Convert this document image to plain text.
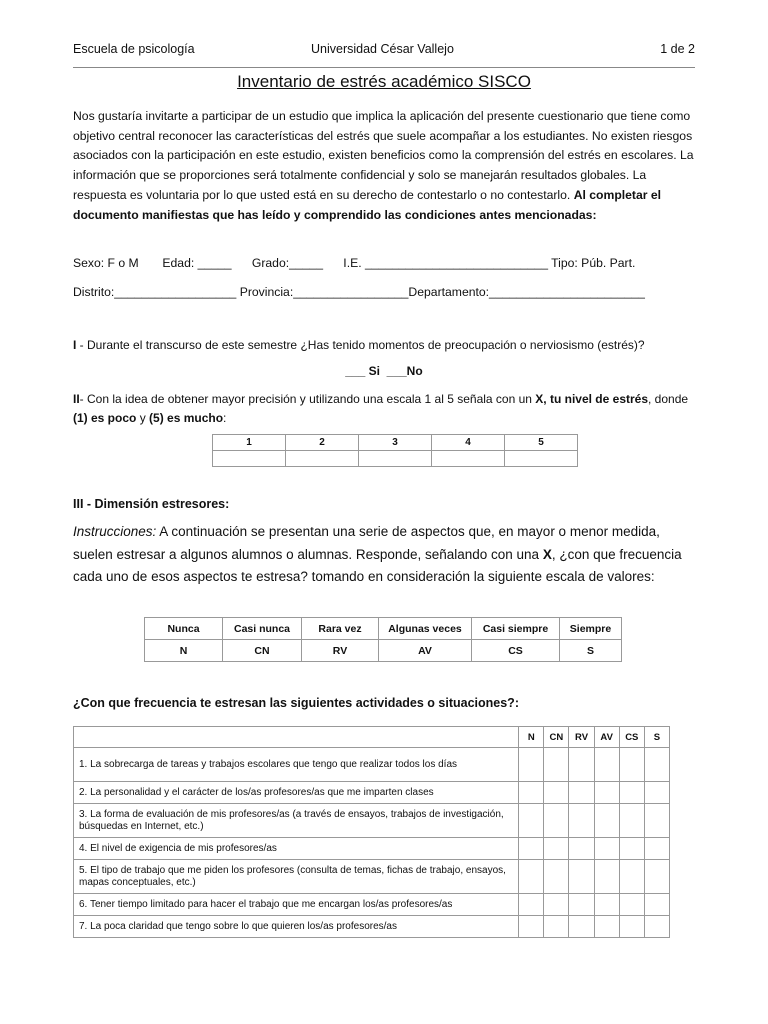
Escuela de psicología	Universidad César Vallejo	1 de 2
Inventario de estrés académico SISCO
Nos gustaría invitarte a participar de un estudio que implica la aplicación del presente cuestionario que tiene como objetivo central reconocer las características del estrés que suele acompañar a los estudiantes. No existen riesgos asociados con la participación en este estudio, existen beneficios como la comprensión del estrés en escolares. La información que se proporciones será totalmente confidencial y solo se manejarán resultados globales. La respuesta es voluntaria por lo que usted está en su derecho de contestarlo o no contestarlo. Al completar el documento manifiestas que has leído y comprendido las condiciones antes mencionadas:
Sexo: F o M       Edad: _____      Grado:_____      I.E. ___________________________ Tipo: Púb. Part.
Distrito:__________________ Provincia:_________________Departamento:_______________________
I - Durante el transcurso de este semestre ¿Has tenido momentos de preocupación o nerviosismo (estrés)?
___ Si  ___No
II- Con la idea de obtener mayor precisión y utilizando una escala 1 al 5 señala con un X, tu nivel de estrés, donde (1) es poco y (5) es mucho:
1	2	3	4	5

III - Dimensión estresores:
Instrucciones: A continuación se presentan una serie de aspectos que, en mayor o menor medida, suelen estresar a algunos alumnos o alumnas. Responde, señalando con una X, ¿con que frecuencia cada uno de esos aspectos te estresa? tomando en consideración la siguiente escala de valores:
Nunca	Casi nunca	Rara vez	Algunas veces	Casi siempre	Siempre
N	CN	RV	AV	CS	S
¿Con que frecuencia te estresan las siguientes actividades o situaciones?:
	N	CN	RV	AV	CS	S
1. La sobrecarga de tareas y trabajos escolares que tengo que realizar todos los días						
2. La personalidad y el carácter de los/as profesores/as que me imparten clases						
3. La forma de evaluación de mis profesores/as (a través de ensayos, trabajos de investigación, búsquedas en Internet, etc.)						
4. El nivel de exigencia de mis profesores/as						
5. El tipo de trabajo que me piden los profesores (consulta de temas, fichas de trabajo, ensayos, mapas conceptuales, etc.)						
6. Tener tiempo limitado para hacer el trabajo que me encargan los/as profesores/as						
7. La poca claridad que tengo sobre lo que quieren los/as profesores/as						
